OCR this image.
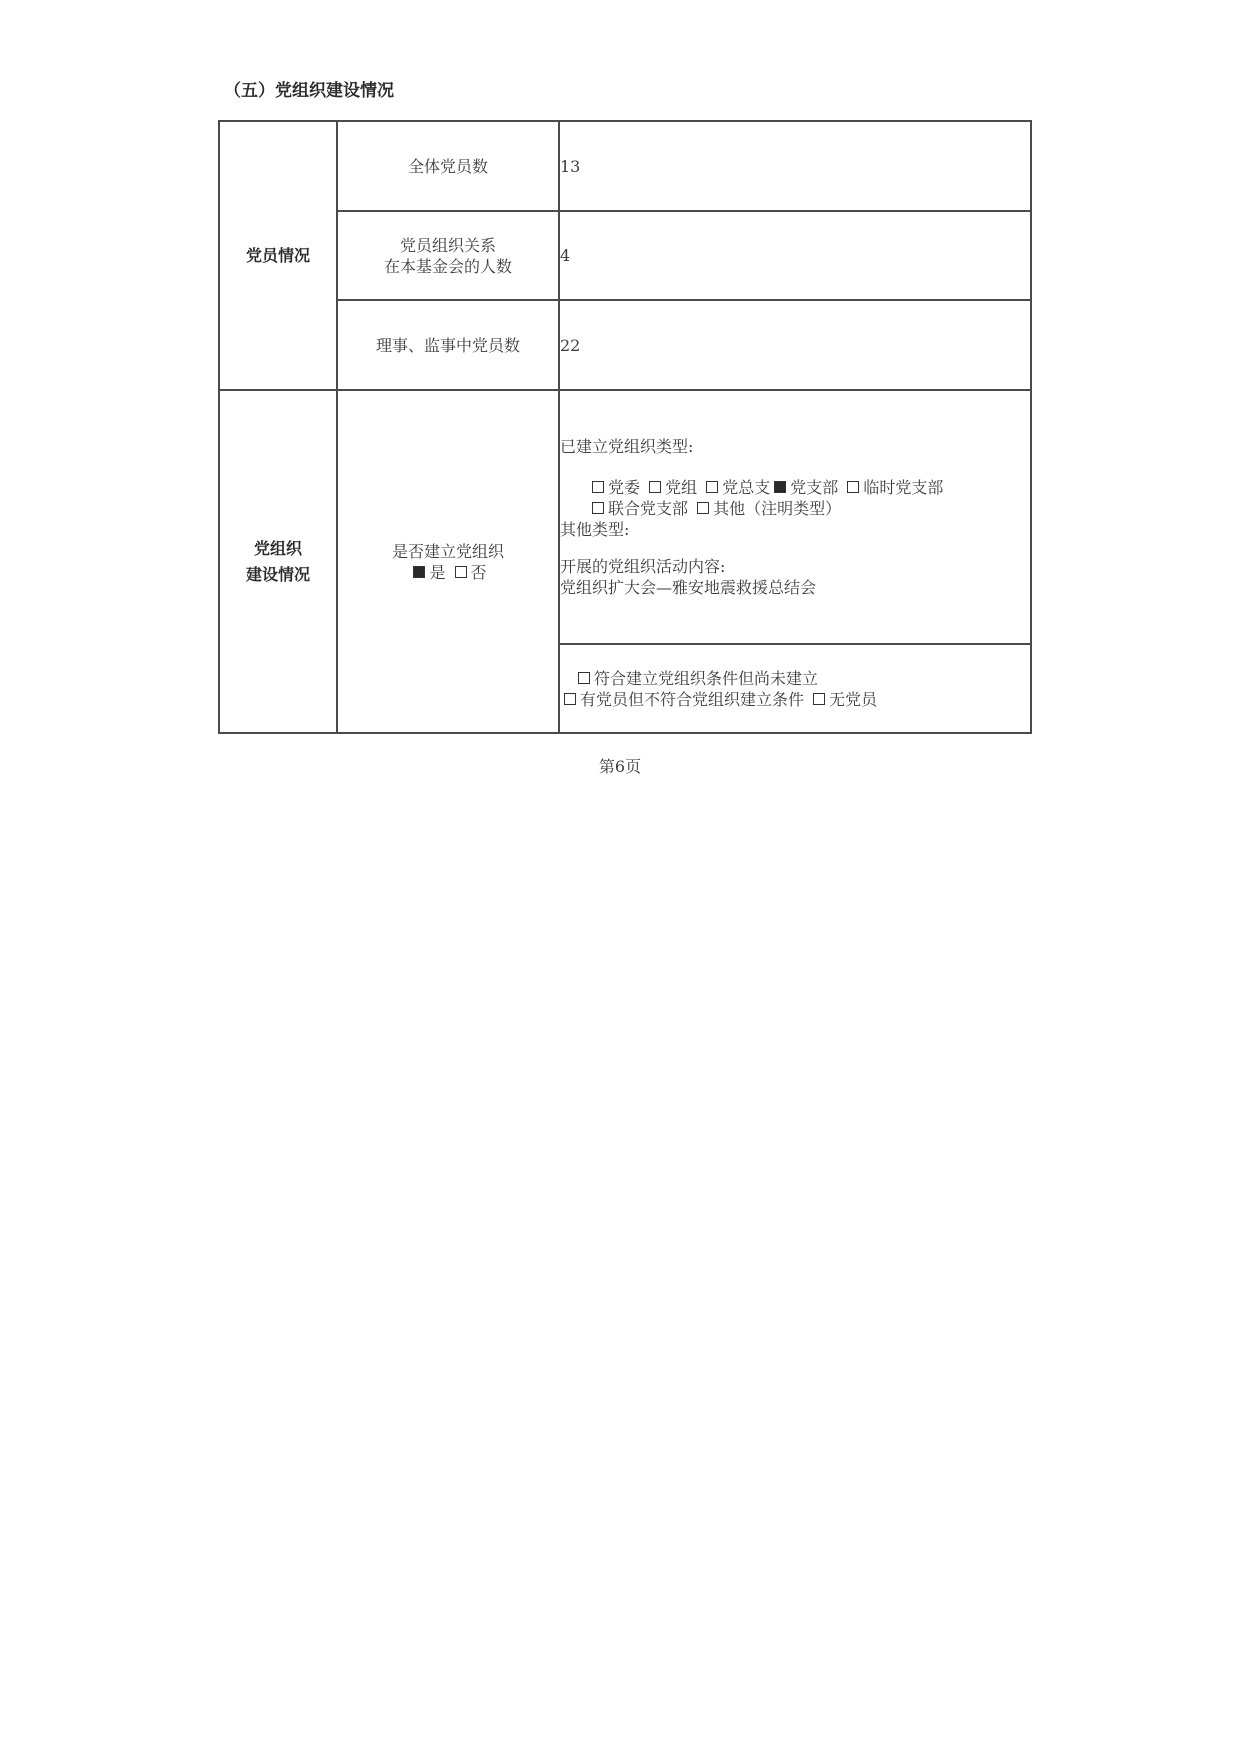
（五）党组织建设情况
党员情况	全体党员数	13

	党员组织关系
在本基金会的人数	4

	理事、监事中党员数	22

党组织
建设情况	是否建立党组织
是 否	已建立党组织类型:
党委 党组 党总支 党支部 临时党支部 联合党支部 其他（注明类型）
其他类型:
开展的党组织活动内容:
党组织扩大会—雅安地震救援总结会

		符合建立党组织条件但尚未建立 有党员但不符合党组织建立条件 无党员
第6页
